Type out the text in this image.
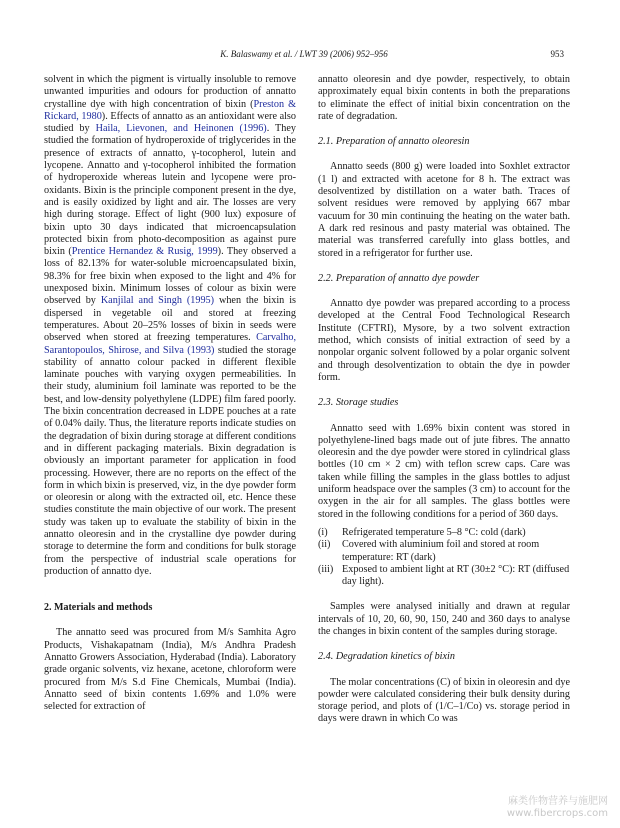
K. Balaswamy et al. / LWT 39 (2006) 952–956	953

solvent in which the pigment is virtually insoluble to remove unwanted impurities and odours for production of annatto crystalline dye with high concentration of bixin (Preston & Rickard, 1980). Effects of annatto as an antioxidant were also studied by Haila, Lievonen, and Heinonen (1996). They studied the formation of hydroperoxide of triglycerides in the presence of extracts of annatto, γ-tocopherol, lutein and lycopene. Annatto and γ-tocopherol inhibited the formation of hydroperoxide whereas lutein and lycopene were pro-oxidants. Bixin is the principle component present in the dye, and is easily oxidized by light and air. The losses are very high during storage. Effect of light (900 lux) exposure of bixin upto 30 days indicated that microencapsulation protected bixin from photo-decomposition as against pure bixin (Prentice Hernandez & Rusig, 1999). They observed a loss of 82.13% for water-soluble microencapsulated bixin, 98.3% for free bixin when exposed to the light and 4% for unexposed bixin. Minimum losses of colour as bixin were observed by Kanjilal and Singh (1995) when the bixin is dispersed in vegetable oil and stored at freezing temperatures. About 20–25% losses of bixin in seeds were observed when stored at freezing temperatures. Carvalho, Sarantopoulos, Shirose, and Silva (1993) studied the storage stability of annatto colour packed in different flexible laminate pouches with varying oxygen permeabilities. In their study, aluminium foil laminate was reported to be the best, and low-density polyethylene (LDPE) film fared poorly. The bixin concentration decreased in LDPE pouches at a rate of 0.04% daily. Thus, the literature reports indicate studies on the degradation of bixin during storage at different conditions and in different packaging materials. Bixin degradation is obviously an important parameter for application in food processing. However, there are no reports on the effect of the form in which bixin is preserved, viz, in the dye powder form or oleoresin or along with the extracted oil, etc. Hence these studies constitute the main objective of our work. The present study was taken up to evaluate the stability of bixin in the annatto oleoresin and in the crystalline dye powder during storage to determine the form and conditions for bulk storage from the perspective of industrial scale operations for production of annatto dye.

2. Materials and methods

The annatto seed was procured from M/s Samhita Agro Products, Vishakapatnam (India), M/s Andhra Pradesh Annatto Growers Association, Hyderabad (India). Laboratory grade organic solvents, viz hexane, acetone, chloroform were procured from M/s S.d Fine Chemicals, Mumbai (India). Annatto seed of bixin contents 1.69% and 1.0% were selected for extraction of

annatto oleoresin and dye powder, respectively, to obtain approximately equal bixin contents in both the preparations to eliminate the effect of initial bixin concentration on the rate of degradation.

2.1. Preparation of annatto oleoresin

Annatto seeds (800 g) were loaded into Soxhlet extractor (1 l) and extracted with acetone for 8 h. The extract was desolventized by distillation on a water bath. Traces of solvent residues were removed by applying 667 mbar vacuum for 30 min continuing the heating on the water bath. A dark red resinous and pasty material was obtained. The material was transferred carefully into glass bottles, and stored in a refrigerator for further use.

2.2. Preparation of annatto dye powder

Annatto dye powder was prepared according to a process developed at the Central Food Technological Research Institute (CFTRI), Mysore, by a two solvent extraction method, which consists of initial extraction of seed by a nonpolar organic solvent followed by a polar organic solvent and through desolventization to obtain the dye in powder form.

2.3. Storage studies

Annatto seed with 1.69% bixin content was stored in polyethylene-lined bags made out of jute fibres. The annatto oleoresin and the dye powder were stored in cylindrical glass bottles (10 cm × 2 cm) with teflon screw caps. Care was taken while filling the samples in the glass bottles to adjust uniform headspace over the samples (3 cm) to account for the oxygen in the air for all samples. The glass bottles were stored in the following conditions for a period of 360 days.

(i) Refrigerated temperature 5–8 °C: cold (dark)
(ii) Covered with aluminium foil and stored at room temperature: RT (dark)
(iii) Exposed to ambient light at RT (30±2 °C): RT (diffused day light).

Samples were analysed initially and drawn at regular intervals of 10, 20, 60, 90, 150, 240 and 360 days to analyse the changes in bixin content of the samples during storage.

2.4. Degradation kinetics of bixin

The molar concentrations (C) of bixin in oleoresin and dye powder were calculated considering their bulk density during storage period, and plots of (1/C–1/Co) vs. storage period in days were drawn in which Co was

麻类作物营养与施肥网
www.fibercrops.com
